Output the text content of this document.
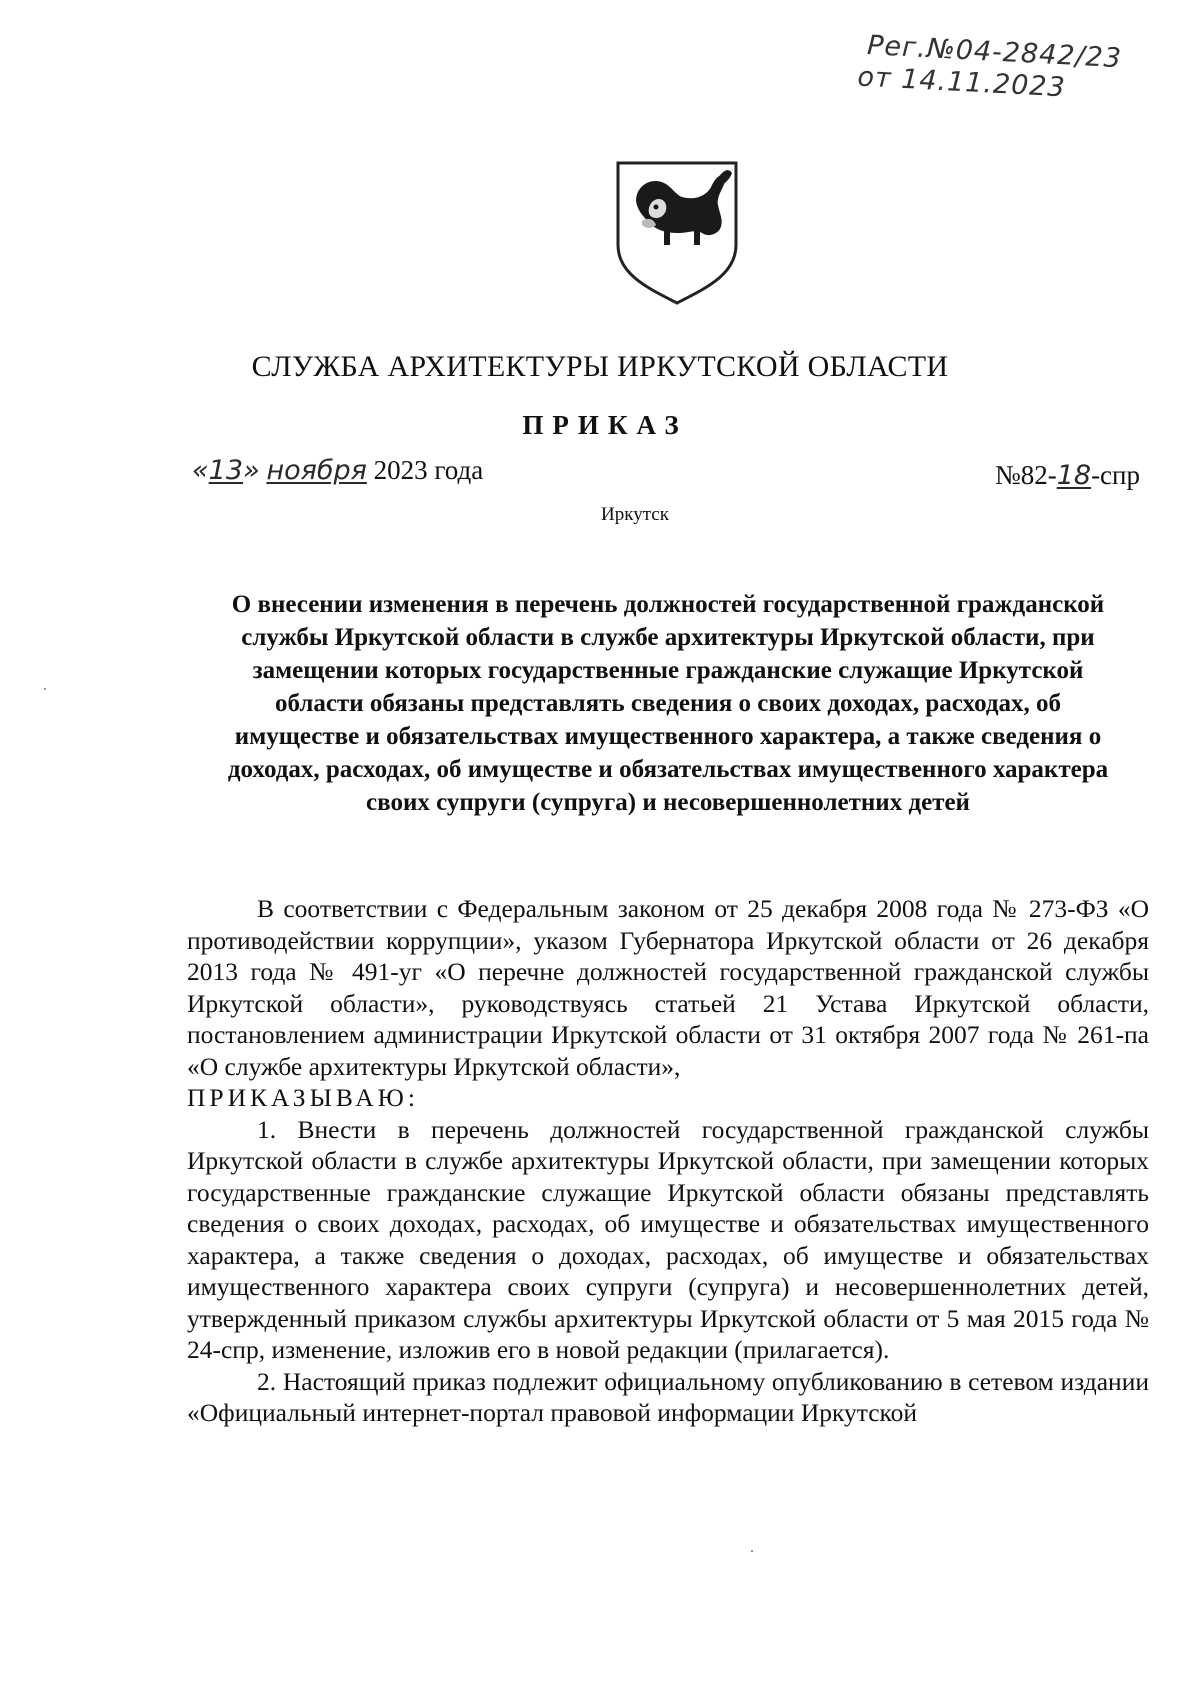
Рег.№04-2842/23
от 14.11.2023
СЛУЖБА АРХИТЕКТУРЫ ИРКУТСКОЙ ОБЛАСТИ
ПРИКАЗ
«13» ноября 2023 года	№82-18-спр
Иркутск
О внесении изменения в перечень должностей государственной гражданской службы Иркутской области в службе архитектуры Иркутской области, при замещении которых государственные гражданские служащие Иркутской области обязаны представлять сведения о своих доходах, расходах, об имуществе и обязательствах имущественного характера, а также сведения о доходах, расходах, об имуществе и обязательствах имущественного характера своих супруги (супруга) и несовершеннолетних детей

В соответствии с Федеральным законом от 25 декабря 2008 года № 273-ФЗ «О противодействии коррупции», указом Губернатора Иркутской области от 26 декабря 2013 года № 491-уг «О перечне должностей государственной гражданской службы Иркутской области», руководствуясь статьей 21 Устава Иркутской области, постановлением администрации Иркутской области от 31 октября 2007 года № 261-па «О службе архитектуры Иркутской области»,

ПРИКАЗЫВАЮ:

1. Внести в перечень должностей государственной гражданской службы Иркутской области в службе архитектуры Иркутской области, при замещении которых государственные гражданские служащие Иркутской области обязаны представлять сведения о своих доходах, расходах, об имуществе и обязательствах имущественного характера, а также сведения о доходах, расходах, об имуществе и обязательствах имущественного характера своих супруги (супруга) и несовершеннолетних детей, утвержденный приказом службы архитектуры Иркутской области от 5 мая 2015 года № 24-спр, изменение, изложив его в новой редакции (прилагается).

2. Настоящий приказ подлежит официальному опубликованию в сетевом издании «Официальный интернет-портал правовой информации Иркутской
